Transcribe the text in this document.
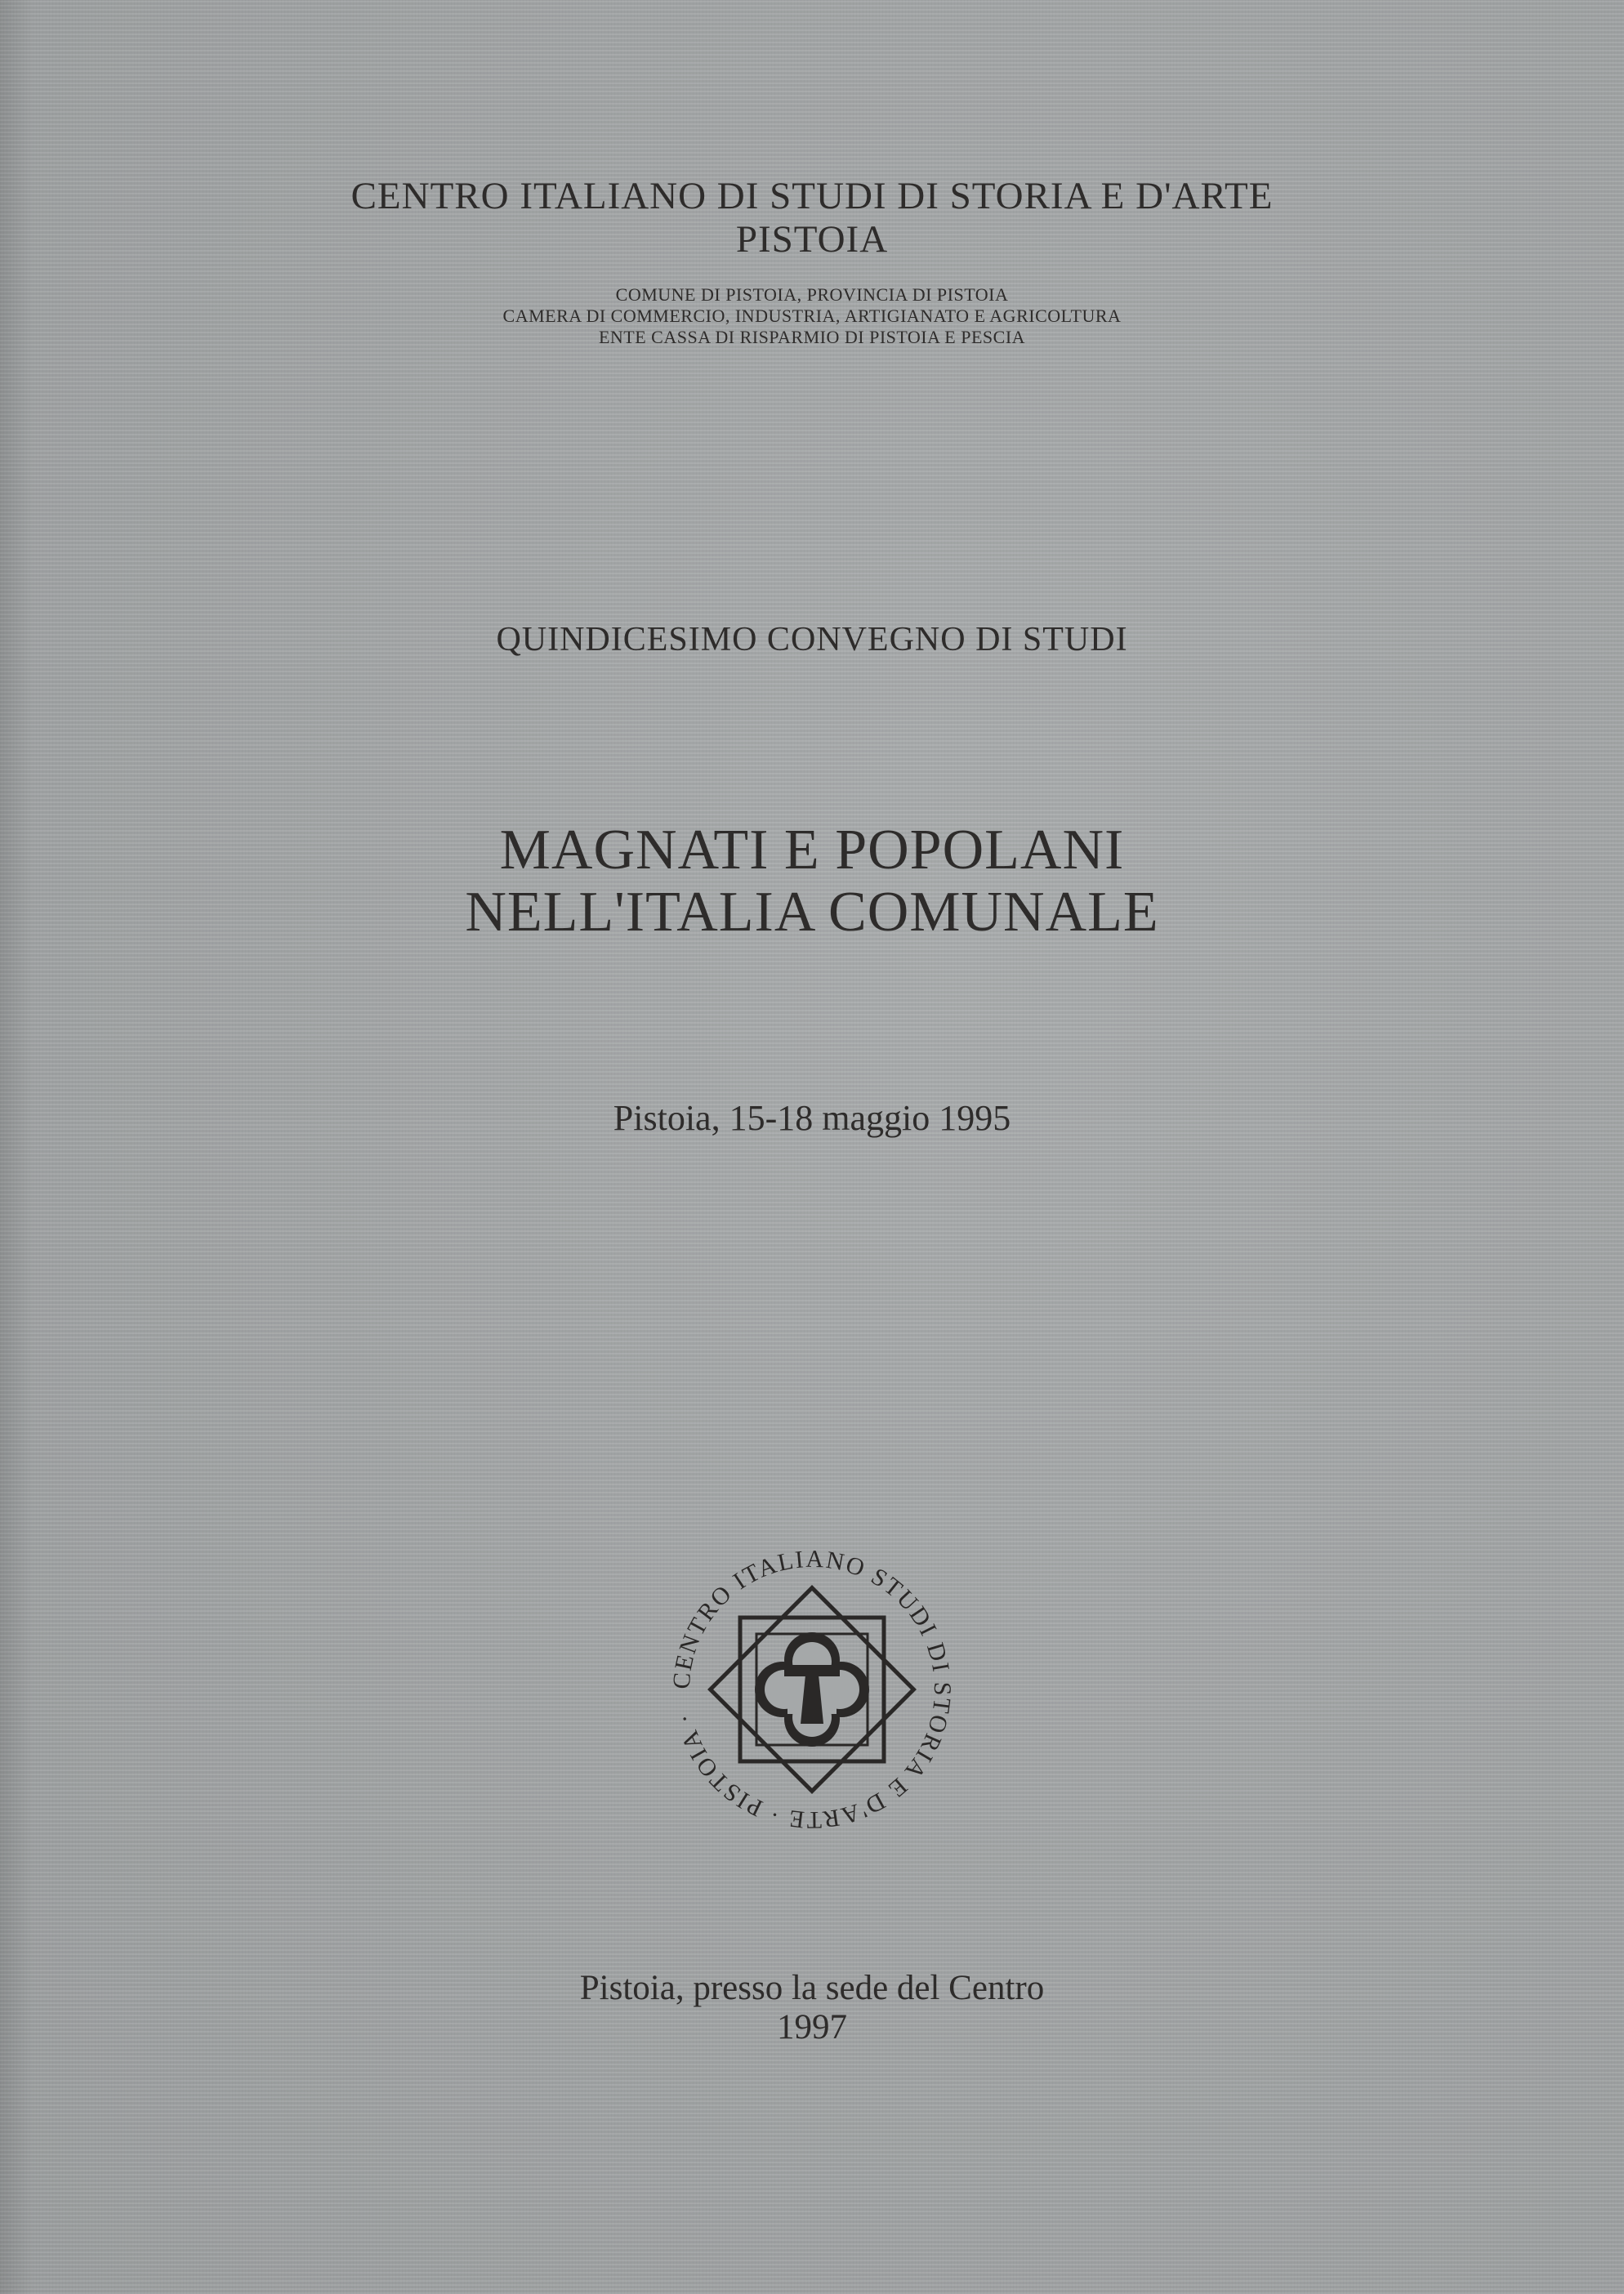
CENTRO ITALIANO DI STUDI DI STORIA E D'ARTE
PISTOIA
COMUNE DI PISTOIA, PROVINCIA DI PISTOIA
CAMERA DI COMMERCIO, INDUSTRIA, ARTIGIANATO E AGRICOLTURA
ENTE CASSA DI RISPARMIO DI PISTOIA E PESCIA
QUINDICESIMO CONVEGNO DI STUDI
MAGNATI E POPOLANI
NELL'ITALIA COMUNALE
Pistoia, 15-18 maggio 1995
CENTRO ITALIANO STUDI DI STORIA E D'ARTE · PISTOIA ·
Pistoia, presso la sede del Centro
1997
